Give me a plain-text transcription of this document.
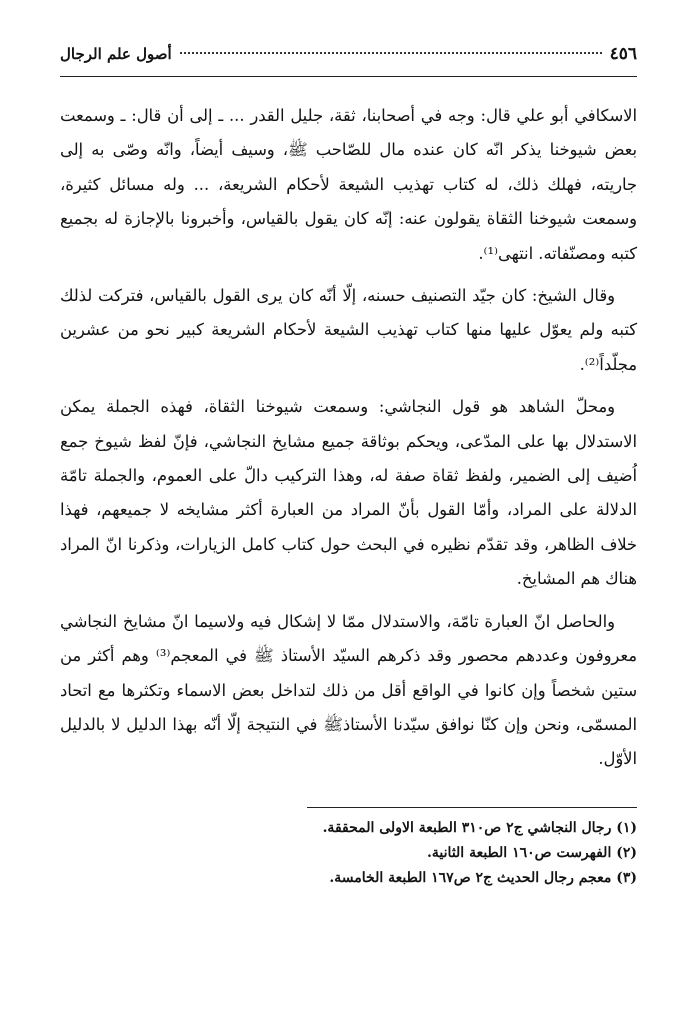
٤٥٦
أصول علم الرجال

الاسكافي أبو علي قال: وجه في أصحابنا، ثقة، جليل القدر ... ـ إلى أن قال: ـ وسمعت بعض شيوخنا يذكر انّه كان عنده مال للصّاحب ﷺ، وسيف أيضاً، وانّه وصّى به إلى جاريته، فهلك ذلك، له كتاب تهذيب الشيعة لأحكام الشريعة، ... وله مسائل كثيرة، وسمعت شيوخنا الثقاة يقولون عنه: إنّه كان يقول بالقياس، وأخبرونا بالإجازة له بجميع كتبه ومصنّفاته. انتهى⁽¹⁾.

وقال الشيخ: كان جيّد التصنيف حسنه، إلّا أنّه كان يرى القول بالقياس، فتركت لذلك كتبه ولم يعوّل عليها منها كتاب تهذيب الشيعة لأحكام الشريعة كبير نحو من عشرين مجلّداً⁽²⁾.

ومحلّ الشاهد هو قول النجاشي: وسمعت شيوخنا الثقاة، فهذه الجملة يمكن الاستدلال بها على المدّعى، ويحكم بوثاقة جميع مشايخ النجاشي، فإنّ لفظ شيوخ جمع اُضيف إلى الضمير، ولفظ ثقاة صفة له، وهذا التركيب دالّ على العموم، والجملة تامّة الدلالة على المراد، وأمّا القول بأنّ المراد من العبارة أكثر مشايخه لا جميعهم، فهذا خلاف الظاهر، وقد تقدّم نظيره في البحث حول كتاب كامل الزيارات، وذكرنا انّ المراد هناك هم المشايخ.

والحاصل انّ العبارة تامّة، والاستدلال ممّا لا إشكال فيه ولاسيما انّ مشايخ النجاشي معروفون وعددهم محصور وقد ذكرهم السيّد الأستاذ ﷺ في المعجم⁽³⁾ وهم أكثر من ستين شخصاً وإن كانوا في الواقع أقل من ذلك لتداخل بعض الاسماء وتكثرها مع اتحاد المسمّى، ونحن وإن كنّا نوافق سيّدنا الأستاذﷺ في النتيجة إلّا أنّه بهذا الدليل لا بالدليل الأوّل.

(١) رجال النجاشي ج٢ ص٣١٠ الطبعة الاولى المحققة.
(٢) الفهرست ص١٦٠ الطبعة الثانية.
(٣) معجم رجال الحديث ج٢ ص١٦٧ الطبعة الخامسة.
